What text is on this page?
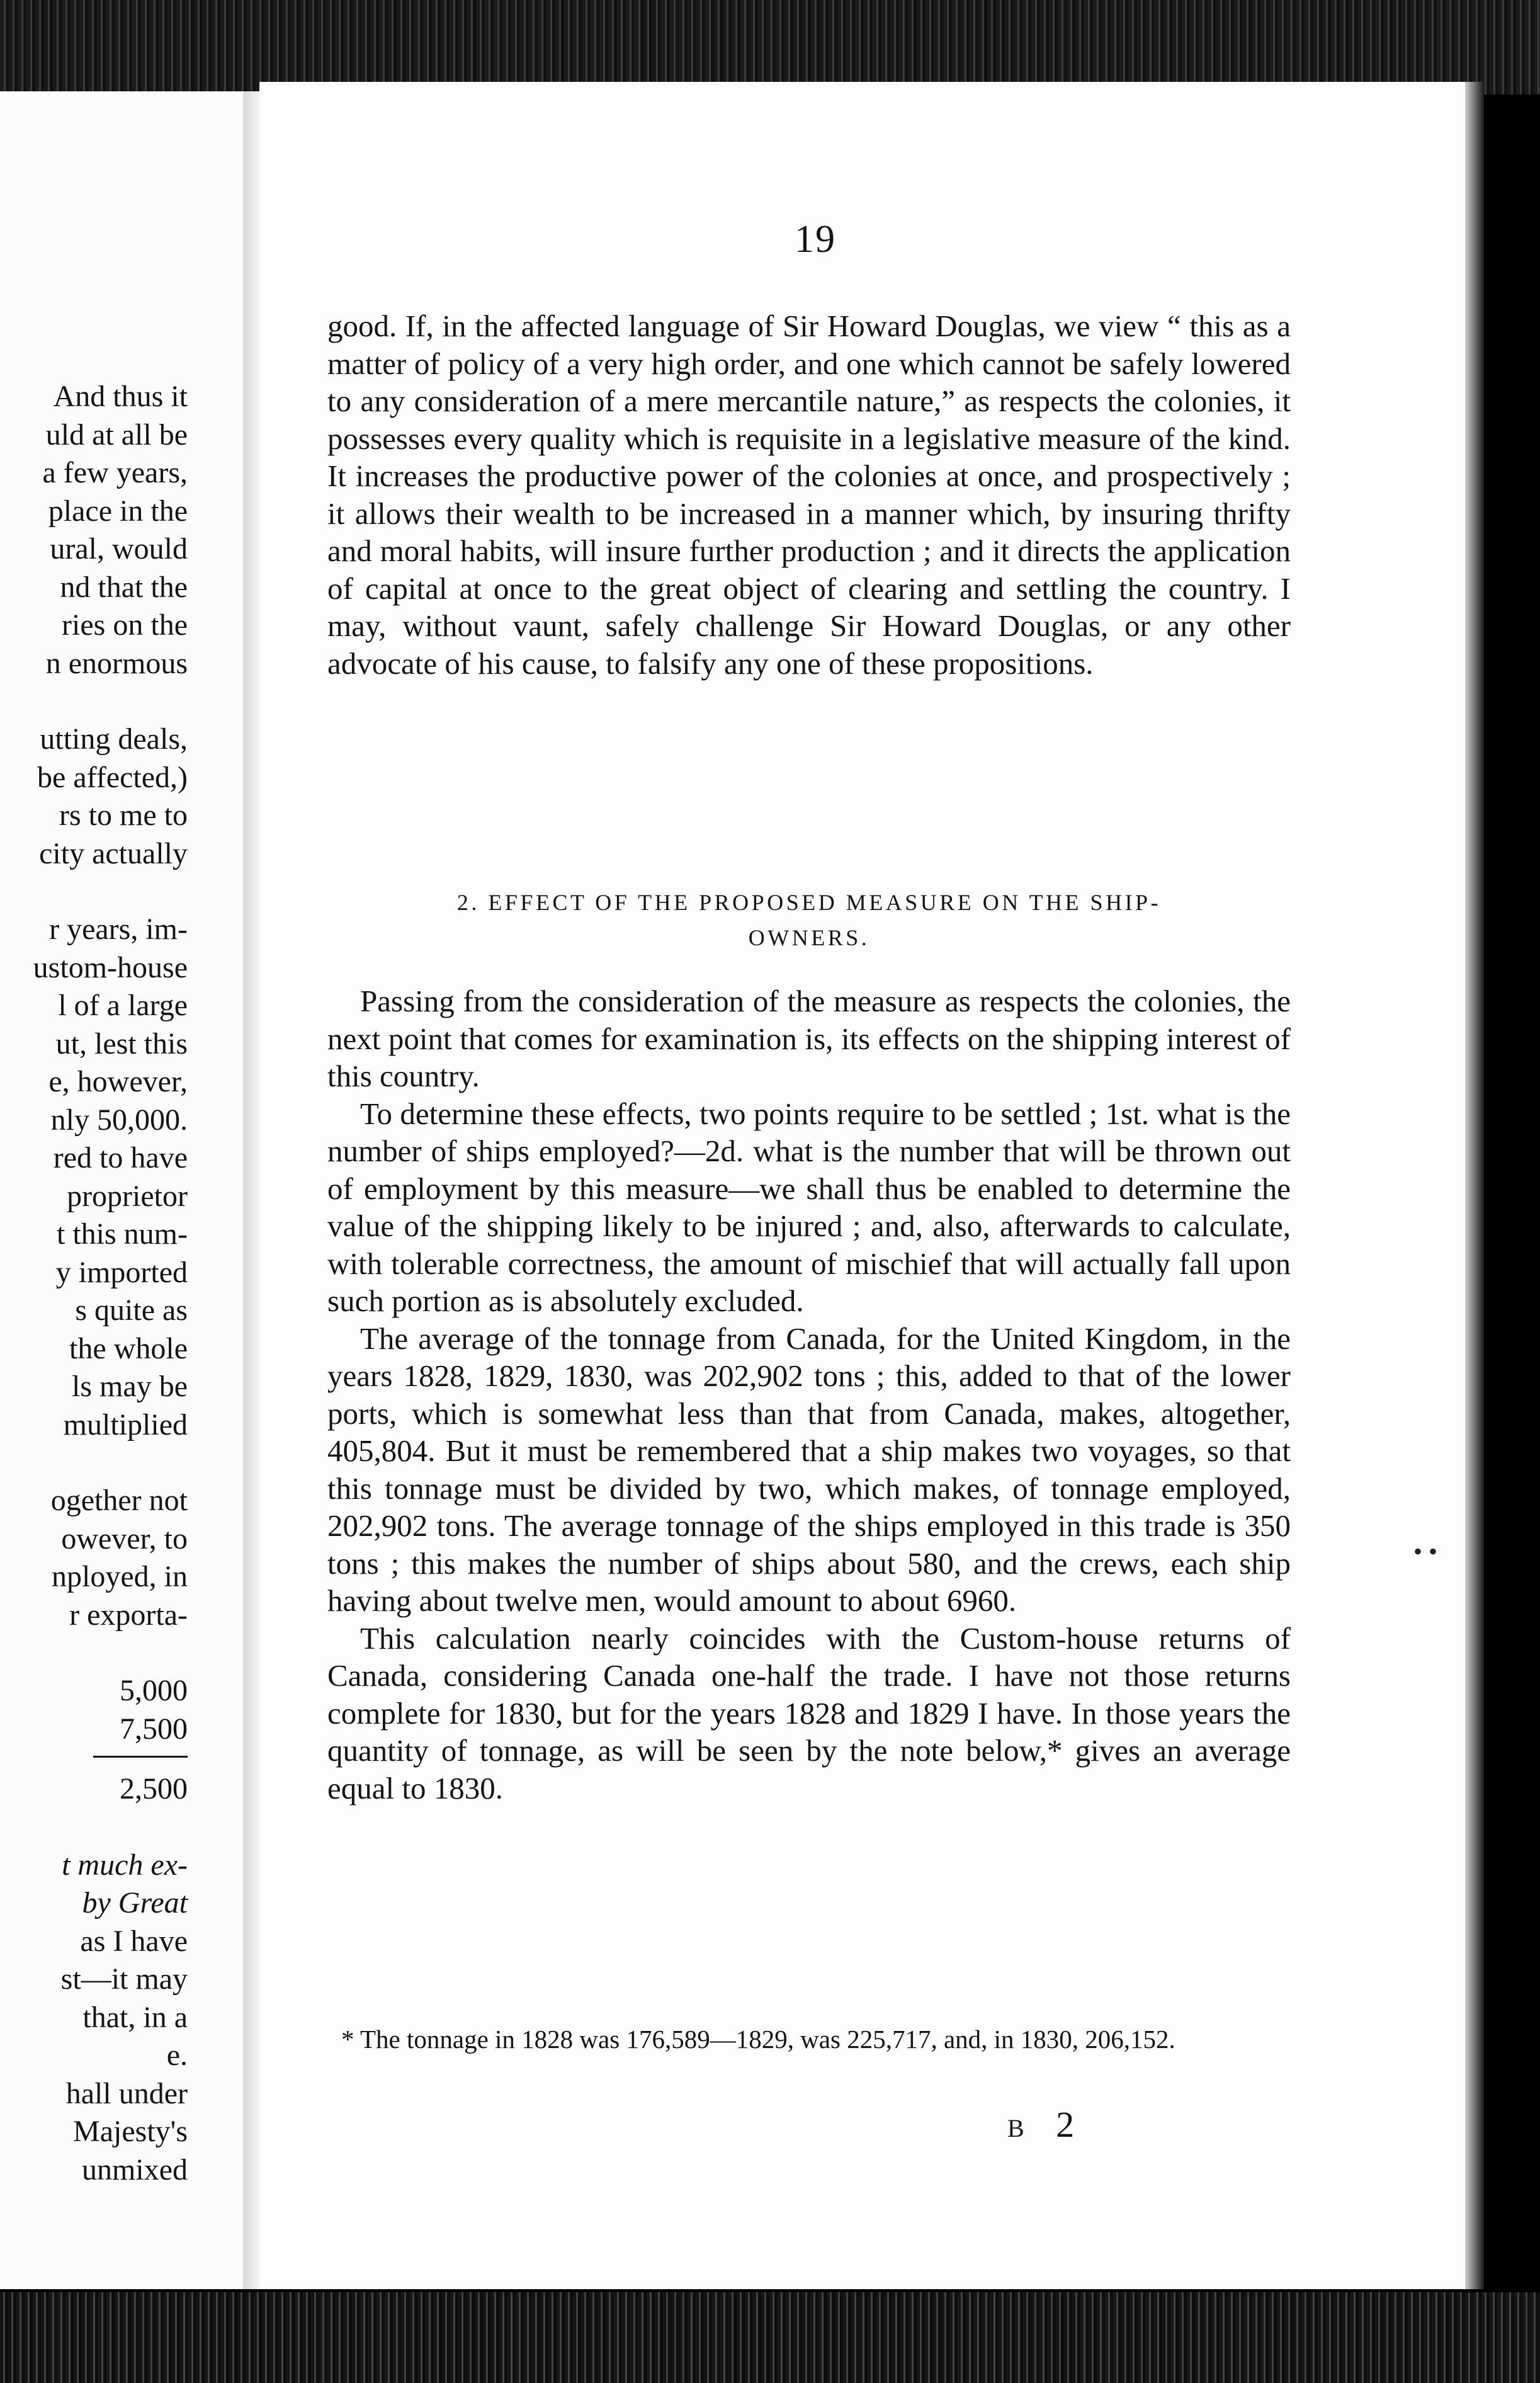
And thus it
uld at all be
a few years,
place in the
ural, would
nd that the
ries on the
n enormous
utting deals,
be affected,)
rs to me to
city actually
r years, im-
ustom-house
l of a large
ut, lest this
e, however,
nly 50,000.
red to have
proprietor
t this num-
y imported
s quite as
the whole
ls may be
multiplied
ogether not
owever, to
nployed, in
r exporta-
5,000
7,500
2,500
t much ex-
by Great
as I have
st—it may
that, in a
e.
hall under
Majesty's
unmixed
19

good. If, in the affected language of Sir Howard Douglas, we view “ this as a matter of policy of a very high order, and one which cannot be safely lowered to any consideration of a mere mercantile nature,” as respects the colonies, it possesses every quality which is requisite in a legislative measure of the kind. It increases the productive power of the colonies at once, and prospectively ; it allows their wealth to be increased in a manner which, by insuring thrifty and moral habits, will insure further production ; and it directs the application of capital at once to the great object of clearing and settling the country. I may, without vaunt, safely challenge Sir Howard Douglas, or any other advocate of his cause, to falsify any one of these propositions.

2. EFFECT OF THE PROPOSED MEASURE ON THE SHIP-
OWNERS.

Passing from the consideration of the measure as respects the colonies, the next point that comes for examination is, its effects on the shipping interest of this country.

To determine these effects, two points require to be settled ; 1st. what is the number of ships employed?—2d. what is the number that will be thrown out of employment by this measure—we shall thus be enabled to determine the value of the shipping likely to be injured ; and, also, afterwards to calculate, with tolerable correctness, the amount of mischief that will actually fall upon such portion as is absolutely excluded.

The average of the tonnage from Canada, for the United Kingdom, in the years 1828, 1829, 1830, was 202,902 tons ; this, added to that of the lower ports, which is somewhat less than that from Canada, makes, altogether, 405,804. But it must be remembered that a ship makes two voyages, so that this tonnage must be divided by two, which makes, of tonnage employed, 202,902 tons. The average tonnage of the ships employed in this trade is 350 tons ; this makes the number of ships about 580, and the crews, each ship having about twelve men, would amount to about 6960.

This calculation nearly coincides with the Custom-house returns of Canada, considering Canada one-half the trade. I have not those returns complete for 1830, but for the years 1828 and 1829 I have. In those years the quantity of tonnage, as will be seen by the note below,* gives an average equal to 1830.

* The tonnage in 1828 was 176,589—1829, was 225,717, and, in 1830, 206,152.

B 2
• •
